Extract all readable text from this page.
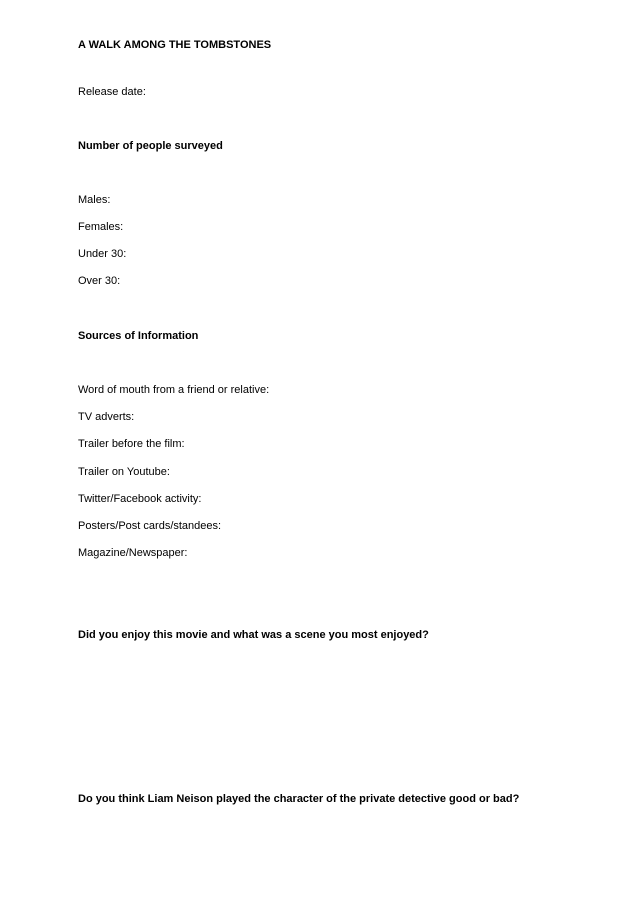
A WALK AMONG THE TOMBSTONES
Release date:
Number of people surveyed
Males:
Females:
Under 30:
Over 30:
Sources of Information
Word of mouth from a friend or relative:
TV adverts:
Trailer before the film:
Trailer on Youtube:
Twitter/Facebook activity:
Posters/Post cards/standees:
Magazine/Newspaper:
Did you enjoy this movie and what was a scene you most enjoyed?
Do you think Liam Neison played the character of the private detective good or bad?
